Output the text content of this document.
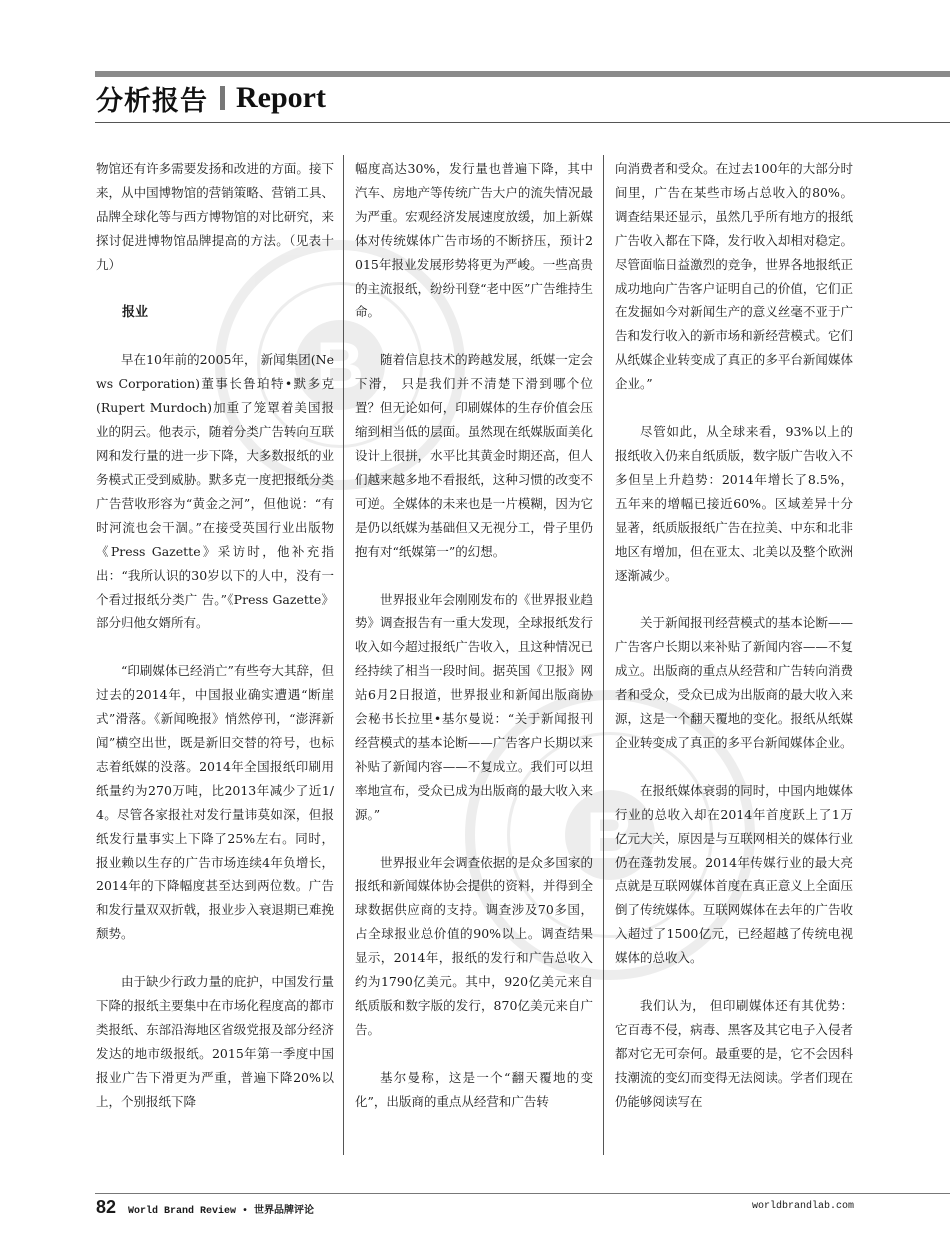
分析报告 Report
B
B

物馆还有许多需要发扬和改进的方面。接下来，从中国博物馆的营销策略、营销工具、品牌全球化等与西方博物馆的对比研究，来探讨促进博物馆品牌提高的方法。（见表十九）

报业

早在10年前的2005年， 新闻集团(News Corporation)董事长鲁珀特•默多克 (Rupert Murdoch)加重了笼罩着美国报业的阴云。他表示，随着分类广告转向互联网和发行量的进一步下降，大多数报纸的业务模式正受到威胁。默多克一度把报纸分类广告营收形容为“黄金之河”，但他说：“有时河流也会干涸。”在接受英国行业出版物《Press Gazette》采访时，他补充指出：“我所认识的30岁以下的人中，没有一个看过报纸分类广 告。”《Press Gazette》部分归他女婿所有。

“印刷媒体已经消亡”有些夸大其辞，但过去的2014年，中国报业确实遭遇“断崖式”滑落。《新闻晚报》悄然停刊，“澎湃新闻”横空出世，既是新旧交替的符号，也标志着纸媒的没落。2014年全国报纸印刷用纸量约为270万吨，比2013年减少了近1/4。尽管各家报社对发行量讳莫如深，但报纸发行量事实上下降了25%左右。同时，报业赖以生存的广告市场连续4年负增长，2014年的下降幅度甚至达到两位数。广告和发行量双双折戟，报业步入衰退期已难挽颓势。

由于缺少行政力量的庇护，中国发行量下降的报纸主要集中在市场化程度高的都市类报纸、东部沿海地区省级党报及部分经济发达的地市级报纸。2015年第一季度中国报业广告下滑更为严重，普遍下降20%以上，个别报纸下降

幅度高达30%，发行量也普遍下降，其中汽车、房地产等传统广告大户的流失情况最为严重。宏观经济发展速度放缓，加上新媒体对传统媒体广告市场的不断挤压，预计2015年报业发展形势将更为严峻。一些高贵的主流报纸，纷纷刊登“老中医”广告维持生命。

随着信息技术的跨越发展，纸媒一定会下滑， 只是我们并不清楚下滑到哪个位置？但无论如何，印刷媒体的生存价值会压缩到相当低的层面。虽然现在纸媒版面美化设计上很拼，水平比其黄金时期还高，但人们越来越多地不看报纸，这种习惯的改变不可逆。全媒体的未来也是一片模糊，因为它是仍以纸媒为基础但又无视分工，骨子里仍抱有对“纸媒第一”的幻想。

世界报业年会刚刚发布的《世界报业趋势》调查报告有一重大发现，全球报纸发行收入如今超过报纸广告收入，且这种情况已经持续了相当一段时间。据英国《卫报》网站6月2日报道，世界报业和新闻出版商协会秘书长拉里•基尔曼说：“关于新闻报刊经营模式的基本论断——广告客户长期以来补贴了新闻内容——不复成立。我们可以坦率地宣布，受众已成为出版商的最大收入来源。”

世界报业年会调查依据的是众多国家的报纸和新闻媒体协会提供的资料，并得到全球数据供应商的支持。调查涉及70多国，占全球报业总价值的90%以上。调查结果显示，2014年，报纸的发行和广告总收入约为1790亿美元。其中，920亿美元来自纸质版和数字版的发行，870亿美元来自广告。

基尔曼称，这是一个“翻天覆地的变化”，出版商的重点从经营和广告转

向消费者和受众。在过去100年的大部分时间里，广告在某些市场占总收入的80%。调查结果还显示，虽然几乎所有地方的报纸广告收入都在下降，发行收入却相对稳定。尽管面临日益激烈的竞争，世界各地报纸正成功地向广告客户证明自己的价值，它们正在发掘如今对新闻生产的意义丝毫不亚于广告和发行收入的新市场和新经营模式。它们从纸媒企业转变成了真正的多平台新闻媒体企业。”

尽管如此，从全球来看，93%以上的报纸收入仍来自纸质版，数字版广告收入不多但呈上升趋势：2014年增长了8.5%，五年来的增幅已接近60%。区域差异十分显著，纸质版报纸广告在拉美、中东和北非地区有增加，但在亚太、北美以及整个欧洲逐渐减少。

关于新闻报刊经营模式的基本论断——广告客户长期以来补贴了新闻内容——不复成立。出版商的重点从经营和广告转向消费者和受众，受众已成为出版商的最大收入来源，这是一个翻天覆地的变化。报纸从纸媒企业转变成了真正的多平台新闻媒体企业。

在报纸媒体衰弱的同时，中国内地媒体行业的总收入却在2014年首度跃上了1万亿元大关，原因是与互联网相关的媒体行业仍在蓬勃发展。2014年传媒行业的最大亮点就是互联网媒体首度在真正意义上全面压倒了传统媒体。互联网媒体在去年的广告收入超过了1500亿元，已经超越了传统电视媒体的总收入。

我们认为， 但印刷媒体还有其优势：它百毒不侵，病毒、黑客及其它电子入侵者都对它无可奈何。最重要的是，它不会因科技潮流的变幻而变得无法阅读。学者们现在仍能够阅读写在

82 World Brand Review • 世界品牌评论	worldbrandlab.com
